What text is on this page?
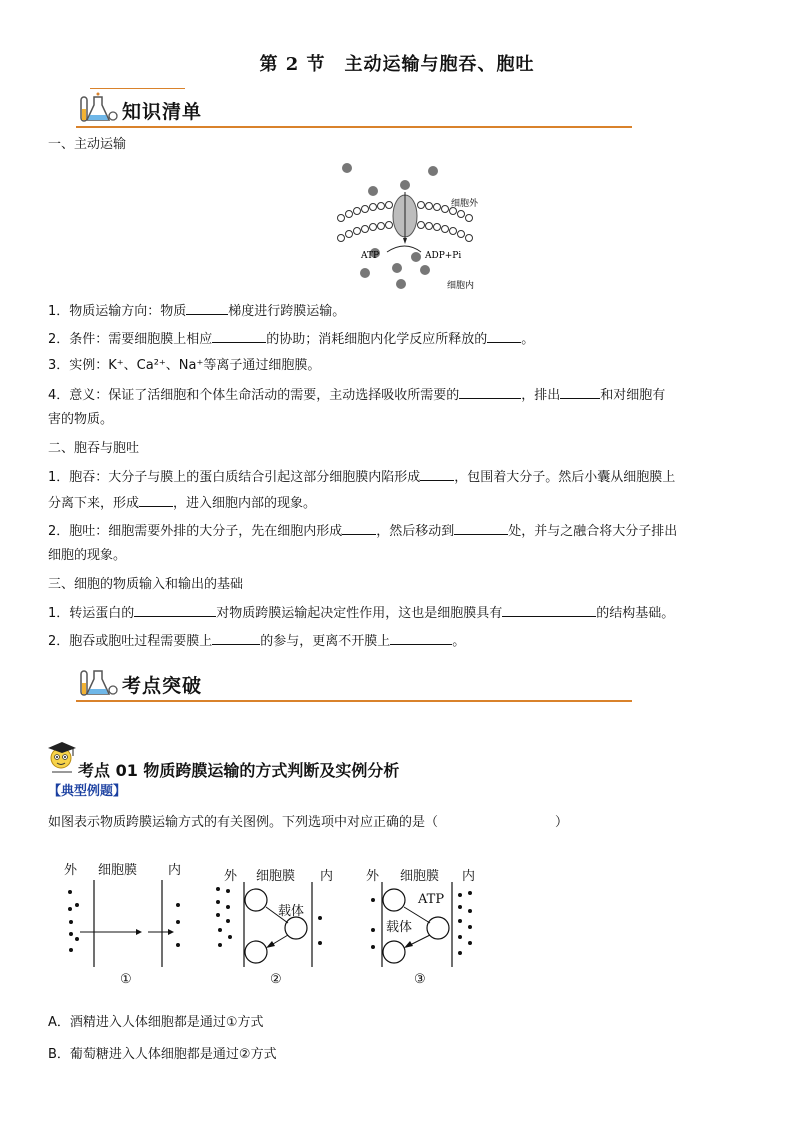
第 2 节　主动运输与胞吞、胞吐
知识清单
一、主动运输
ATP	ADP+Pi
细胞外
细胞内
1．物质运输方向：物质	梯度进行跨膜运输。
2．条件：需要细胞膜上相应	的协助；消耗细胞内化学反应所释放的	。
3．实例：K⁺、Ca²⁺、Na⁺等离子通过细胞膜。
4．意义：保证了活细胞和个体生命活动的需要，主动选择吸收所需要的	，排出	和对细胞有
害的物质。
二、胞吞与胞吐
1．胞吞：大分子与膜上的蛋白质结合引起这部分细胞膜内陷形成	，包围着大分子。然后小囊从细胞膜上
分离下来，形成	，进入细胞内部的现象。
2．胞吐：细胞需要外排的大分子，先在细胞内形成	，然后移动到	处，并与之融合将大分子排出
细胞的现象。
三、细胞的物质输入和输出的基础
1．转运蛋白的	对物质跨膜运输起决定性作用，这也是细胞膜具有	的结构基础。
2．胞吞或胞吐过程需要膜上	的参与，更离不开膜上	。
考点突破
考点 01 物质跨膜运输的方式判断及实例分析
【典型例题】
如图表示物质跨膜运输方式的有关图例。下列选项中对应正确的是（　　　　　　　　　）
外 细胞膜 内
①
外 细胞膜 内
载体
②
外 细胞膜 内
ATP
载体
③
A．酒精进入人体细胞都是通过①方式
B．葡萄糖进入人体细胞都是通过②方式
